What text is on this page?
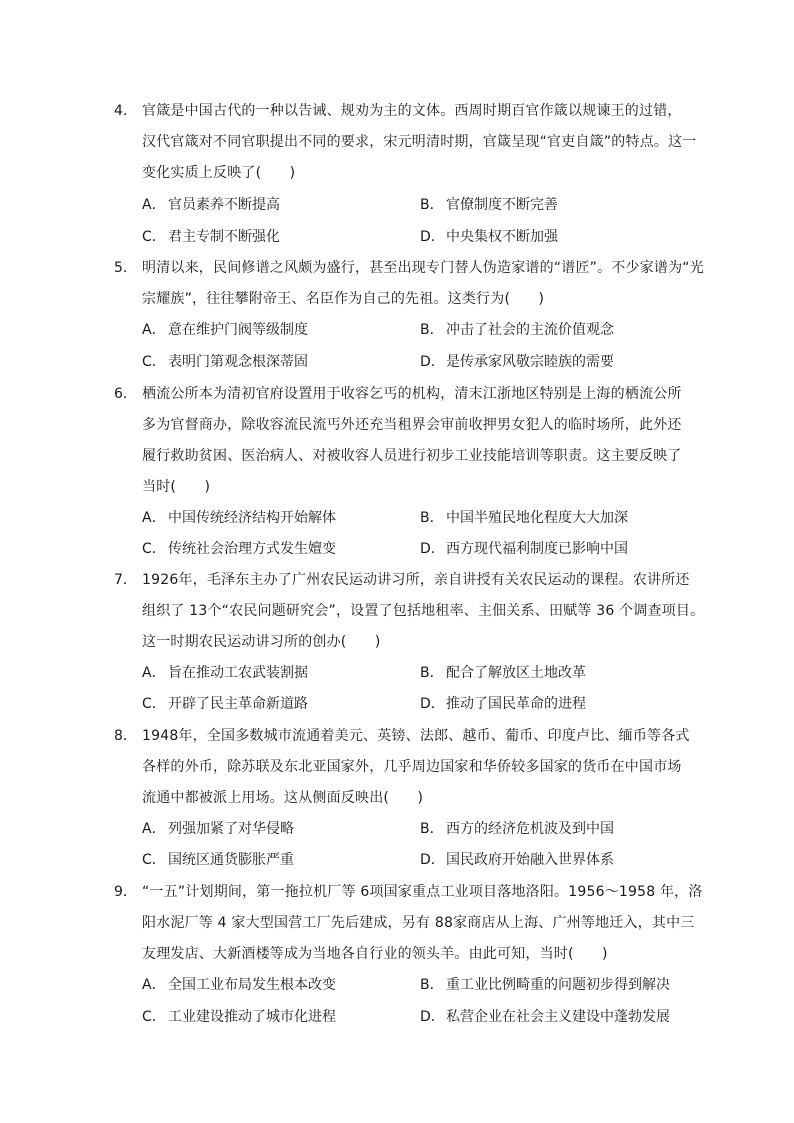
4． 官箴是中国古代的一种以告诫、规劝为主的文体。西周时期百官作箴以规谏王的过错，
汉代官箴对不同官职提出不同的要求，宋元明清时期，官箴呈现“官吏自箴”的特点。这一
变化实质上反映了(　　)
A． 官员素养不断提高	B． 官僚制度不断完善
C． 君主专制不断强化	D．中央集权不断加强
5． 明清以来，民间修谱之风颇为盛行，甚至出现专门替人伪造家谱的“谱匠”。不少家谱为“光
宗耀族”，往往攀附帝王、名臣作为自己的先祖。这类行为(　　)
A． 意在维护门阀等级制度	B． 冲击了社会的主流价值观念
C． 表明门第观念根深蒂固	D．是传承家风敬宗睦族的需要
6． 栖流公所本为清初官府设置用于收容乞丐的机构，清末江浙地区特别是上海的栖流公所
多为官督商办，除收容流民流丐外还充当租界会审前收押男女犯人的临时场所，此外还
履行救助贫困、医治病人、对被收容人员进行初步工业技能培训等职责。这主要反映了
当时(　　)
A． 中国传统经济结构开始解体	B． 中国半殖民地化程度大大加深
C． 传统社会治理方式发生嬗变	D．西方现代福利制度已影响中国
7． 1926年，毛泽东主办了广州农民运动讲习所，亲自讲授有关农民运动的课程。农讲所还
组织了 13个“农民问题研究会”，设置了包括地租率、主佃关系、田赋等 36 个调查项目。
这一时期农民运动讲习所的创办(　　)
A． 旨在推动工农武装割据	B． 配合了解放区土地改革
C． 开辟了民主革命新道路	D．推动了国民革命的进程
8． 1948年，全国多数城市流通着美元、英镑、法郎、越币、葡币、印度卢比、缅币等各式
各样的外币，除苏联及东北亚国家外，几乎周边国家和华侨较多国家的货币在中国市场
流通中都被派上用场。这从侧面反映出(　　)
A． 列强加紧了对华侵略	B． 西方的经济危机波及到中国
C． 国统区通货膨胀严重	D．国民政府开始融入世界体系
9． “一五”计划期间，第一拖拉机厂等 6项国家重点工业项目落地洛阳。1956～1958 年，洛
阳水泥厂等 4 家大型国营工厂先后建成，另有 88家商店从上海、广州等地迁入，其中三
友理发店、大新酒楼等成为当地各自行业的领头羊。由此可知，当时(　　)
A． 全国工业布局发生根本改变	B． 重工业比例畸重的问题初步得到解决
C． 工业建设推动了城市化进程	D．私营企业在社会主义建设中蓬勃发展
